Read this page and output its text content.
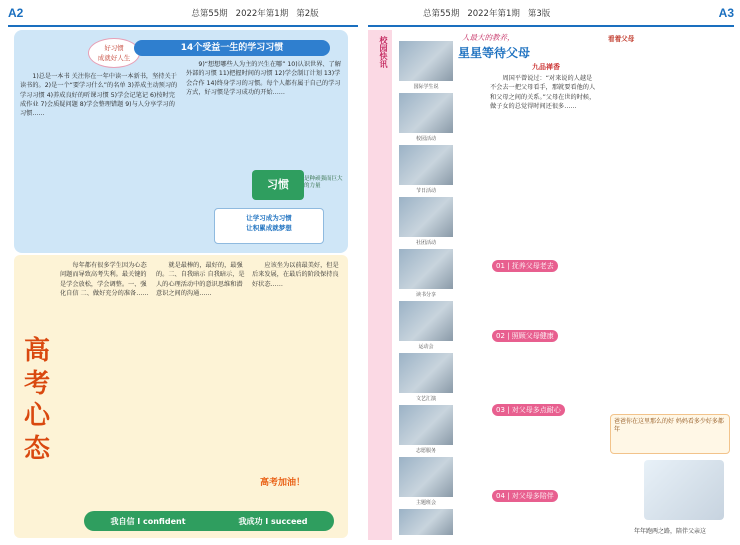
A2	总第55期 2022年第1期 第2版	总第55期 2022年第1期 第3版	A3
好习惯
成就好人生
14个受益一生的学习习惯

1)总是一本书 关注你在一年中读一本新书，坚持关于读书的。2)是一个“要学习什么”的名单 3)养成主动预习的学习习惯 4)养成良好的听课习惯 5)学会记笔记 6)按时完成作业 7)会质疑问题 8)学会整理错题 9)与人分享学习的习惯……

9)“想想哪些人为主的兴生在哪” 10)认识世界、了解外部的习惯 11)把握时间的习惯 12)学会制订计划 13)学会合作 14)终身学习的习惯。每个人都有属于自己的学习方式，好习惯是学习成功的开始……

习惯	是种顽强而巨大的力量
让学习成为习惯
让积累成就梦想
高考心态

每年都有很多学生因为心态问题而导致高考失利。最关键的是学会放松，学会调整。一、强化自信 二、做好充分的准备……

就是最棒的，最好的，最强的。二、自我暗示 自我暗示，是人的心理活动中的意识思维和潜意识之间的沟通……

应该坐为以前最美好，但是后来发展，在最后的阶段保持良好状态……

高考加油！
我自信 I confident	我成功 I succeed
校园快讯
国际学生说
校园活动
节日活动
社团活动
读书分享
运动会
文艺汇演
志愿服务
主题班会
人最大的教养，
星星等待父母
九品禅香

周国平曾说过：“对来说的人越是不会去一把父母看手，那就要看他的人和父母之间的关系。”父母在世的时候，做子女的总觉得时间还很多……

01 | 抚养父母老去
02 | 照顾父母健康
03 | 对父母多点耐心
04 | 对父母多陪伴
看着父母
爸爸你在这里那么的好 妈妈看多少好多都年
年年跑两之路，陪伴父亲这
